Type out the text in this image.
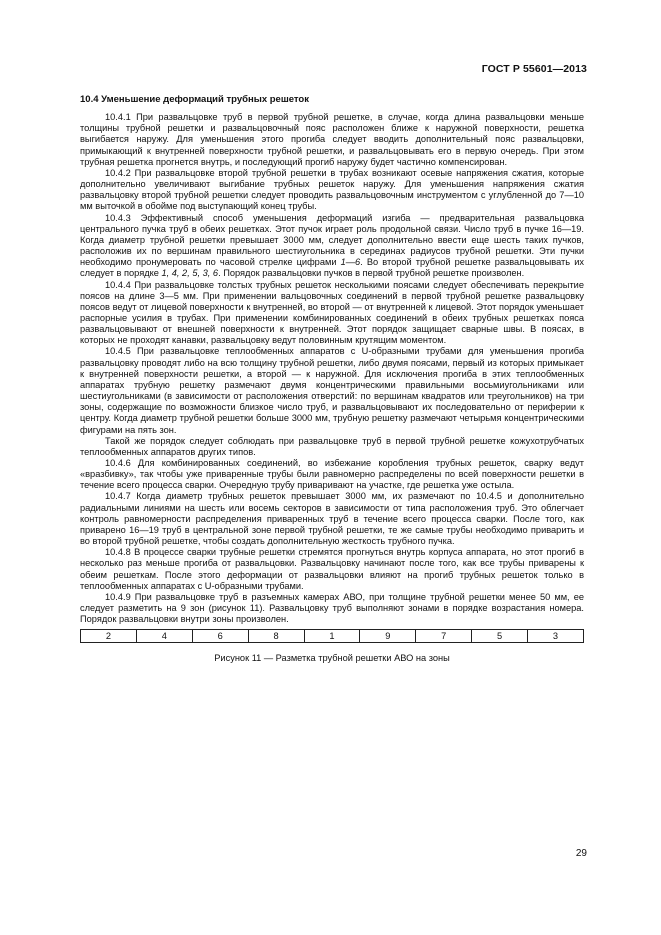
ГОСТ Р 55601—2013

10.4 Уменьшение деформаций трубных решеток

10.4.1 При развальцовке труб в первой трубной решетке, в случае, когда длина развальцовки меньше толщины трубной решетки и развальцовочный пояс расположен ближе к наружной поверхности, решетка выгибается наружу. Для уменьшения этого прогиба следует вводить дополнительный пояс развальцовки, примыкающий к внутренней поверхности трубной решетки, и развальцовывать его в первую очередь. При этом трубная решетка прогнется внутрь, и последующий прогиб наружу будет частично компенсирован.

10.4.2 При развальцовке второй трубной решетки в трубах возникают осевые напряжения сжатия, которые дополнительно увеличивают выгибание трубных решеток наружу. Для уменьшения напряжения сжатия развальцовку второй трубной решетки следует проводить развальцовочным инструментом с углубленной до 7—10 мм выточкой в обойме под выступающий конец трубы.

10.4.3 Эффективный способ уменьшения деформаций изгиба — предварительная развальцовка центрального пучка труб в обеих решетках. Этот пучок играет роль продольной связи. Число труб в пучке 16—19. Когда диаметр трубной решетки превышает 3000 мм, следует дополнительно ввести еще шесть таких пучков, расположив их по вершинам правильного шестиугольника в серединах радиусов трубной решетки. Эти пучки необходимо пронумеровать по часовой стрелке цифрами 1—6. Во второй трубной решетке развальцовывать их следует в порядке 1, 4, 2, 5, 3, 6. Порядок развальцовки пучков в первой трубной решетке произволен.

10.4.4 При развальцовке толстых трубных решеток несколькими поясами следует обеспечивать перекрытие поясов на длине 3—5 мм. При применении вальцовочных соединений в первой трубной решетке развальцовку поясов ведут от лицевой поверхности к внутренней, во второй — от внутренней к лицевой. Этот порядок уменьшает распорные усилия в трубах. При применении комбинированных соединений в обеих трубных решетках пояса развальцовывают от внешней поверхности к внутренней. Этот порядок защищает сварные швы. В поясах, в которых не проходят канавки, развальцовку ведут половинным крутящим моментом.

10.4.5 При развальцовке теплообменных аппаратов с U-образными трубами для уменьшения прогиба развальцовку проводят либо на всю толщину трубной решетки, либо двумя поясами, первый из которых примыкает к внутренней поверхности решетки, а второй — к наружной. Для исключения прогиба в этих теплообменных аппаратах трубную решетку размечают двумя концентрическими правильными восьмиугольниками или шестиугольниками (в зависимости от расположения отверстий: по вершинам квадратов или треугольников) на три зоны, содержащие по возможности близкое число труб, и развальцовывают их последовательно от периферии к центру. Когда диаметр трубной решетки больше 3000 мм, трубную решетку размечают четырьмя концентрическими фигурами на пять зон.

Такой же порядок следует соблюдать при развальцовке труб в первой трубной решетке кожухотрубчатых теплообменных аппаратов других типов.

10.4.6 Для комбинированных соединений, во избежание коробления трубных решеток, сварку ведут «вразбивку», так чтобы уже приваренные трубы были равномерно распределены по всей поверхности решетки в течение всего процесса сварки. Очередную трубу приваривают на участке, где решетка уже остыла.

10.4.7 Когда диаметр трубных решеток превышает 3000 мм, их размечают по 10.4.5 и дополнительно радиальными линиями на шесть или восемь секторов в зависимости от типа расположения труб. Это облегчает контроль равномерности распределения приваренных труб в течение всего процесса сварки. После того, как приварено 16—19 труб в центральной зоне первой трубной решетки, те же самые трубы необходимо приварить и во второй трубной решетке, чтобы создать дополнительную жесткость трубного пучка.

10.4.8 В процессе сварки трубные решетки стремятся прогнуться внутрь корпуса аппарата, но этот прогиб в несколько раз меньше прогиба от развальцовки. Развальцовку начинают после того, как все трубы приварены к обеим решеткам. После этого деформации от развальцовки влияют на прогиб трубных решеток только в теплообменных аппаратах с U-образными трубами.

10.4.9 При развальцовке труб в разъемных камерах АВО, при толщине трубной решетки менее 50 мм, ее следует разметить на 9 зон (рисунок 11). Развальцовку труб выполняют зонами в порядке возрастания номера. Порядок развальцовки внутри зоны произволен.

2	4	6	8	1	9	7	5	3
Рисунок 11 — Разметка трубной решетки АВО на зоны
29
